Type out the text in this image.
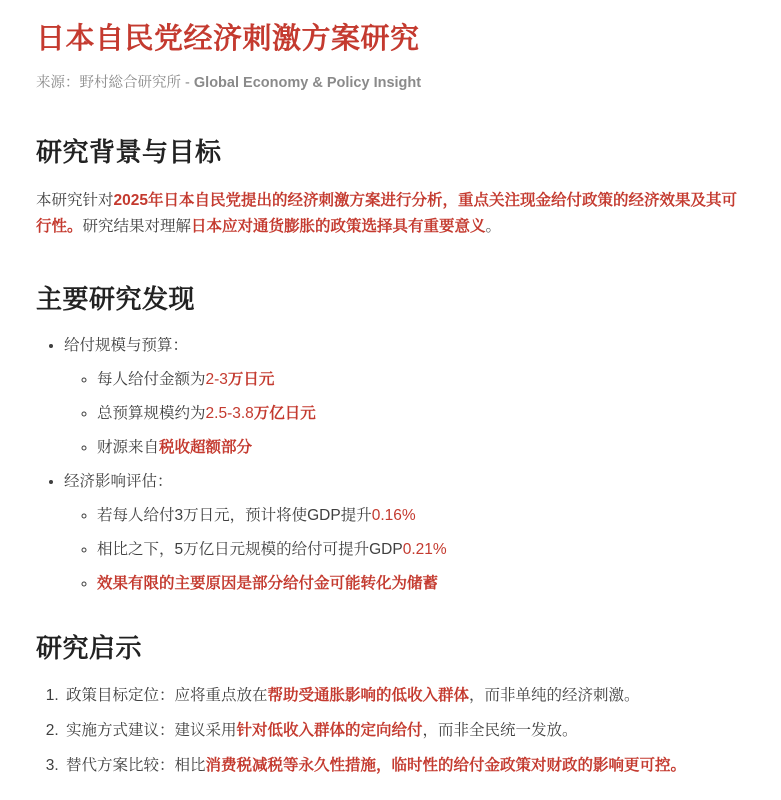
日本自民党经济刺激方案研究

来源：野村総合研究所 - Global Economy & Policy Insight

研究背景与目标

本研究针对2025年日本自民党提出的经济刺激方案进行分析，重点关注现金给付政策的经济效果及其可行性。研究结果对理解日本应对通货膨胀的政策选择具有重要意义。

主要研究发现
• 给付规模与预算：
◦ 每人给付金额为2-3万日元
◦ 总预算规模约为2.5-3.8万亿日元
◦ 财源来自税收超额部分
• 经济影响评估：
◦ 若每人给付3万日元，预计将使GDP提升0.16%
◦ 相比之下，5万亿日元规模的给付可提升GDP0.21%
◦ 效果有限的主要原因是部分给付金可能转化为储蓄
研究启示
1. 政策目标定位：应将重点放在帮助受通胀影响的低收入群体，而非单纯的经济刺激。
2. 实施方式建议：建议采用针对低收入群体的定向给付，而非全民统一发放。
3. 替代方案比较：相比消费税减税等永久性措施，临时性的给付金政策对财政的影响更可控。
